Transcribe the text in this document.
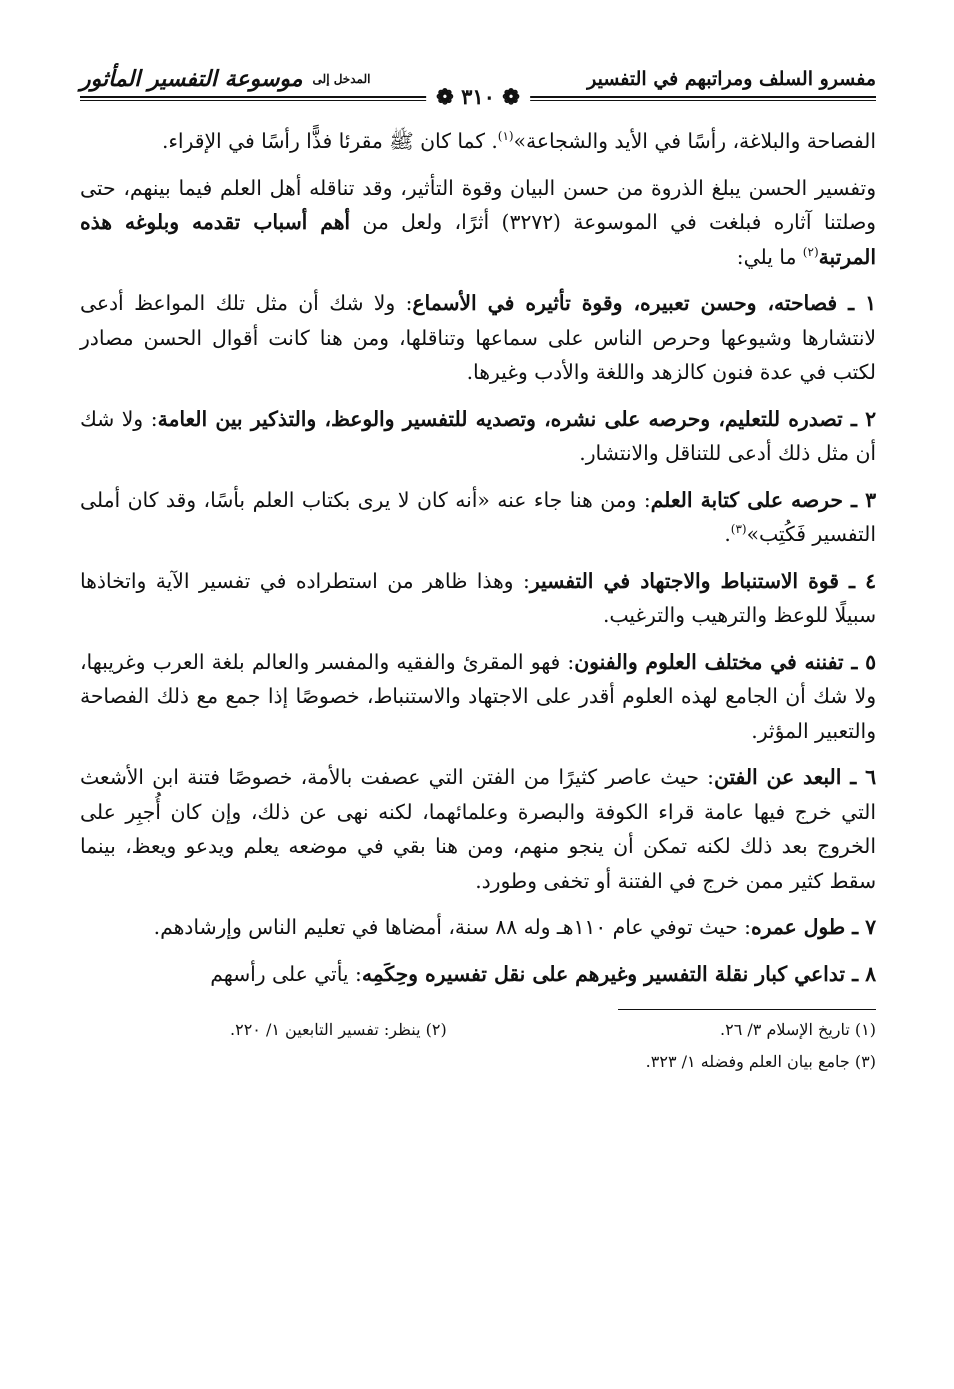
مفسرو السلف ومراتبهم في التفسير
المدخل إلى
موسوعة التفسير المأثور
❁ ٣١٠ ❁

الفصاحة والبلاغة، رأسًا في الأيد والشجاعة»$^{(١)}$. كما كان ﷺ مقرئا فذًّا رأسًا في الإقراء.

وتفسير الحسن يبلغ الذروة من حسن البيان وقوة التأثير، وقد تناقله أهل العلم فيما بينهم، حتى وصلتنا آثاره فبلغت في الموسوعة (٣٢٧٢) أثرًا، ولعل من أهم أسباب تقدمه وبلوغه هذه المرتبة$^{(٢)}$ ما يلي:

١ ـ فصاحته، وحسن تعبيره، وقوة تأثيره في الأسماع: ولا شك أن مثل تلك المواعظ أدعى لانتشارها وشيوعها وحرص الناس على سماعها وتناقلها، ومن هنا كانت أقوال الحسن مصادر لكتب في عدة فنون كالزهد واللغة والأدب وغيرها.

٢ ـ تصدره للتعليم، وحرصه على نشره، وتصديه للتفسير والوعظ، والتذكير بين العامة: ولا شك أن مثل ذلك أدعى للتناقل والانتشار.

٣ ـ حرصه على كتابة العلم: ومن هنا جاء عنه «أنه كان لا يرى بكتاب العلم بأسًا، وقد كان أملى التفسير فَكُتِب»$^{(٣)}$.

٤ ـ قوة الاستنباط والاجتهاد في التفسير: وهذا ظاهر من استطراده في تفسير الآية واتخاذها سبيلًا للوعظ والترهيب والترغيب.

٥ ـ تفننه في مختلف العلوم والفنون: فهو المقرئ والفقيه والمفسر والعالم بلغة العرب وغريبها، ولا شك أن الجامع لهذه العلوم أقدر على الاجتهاد والاستنباط، خصوصًا إذا جمع مع ذلك الفصاحة والتعبير المؤثر.

٦ ـ البعد عن الفتن: حيث عاصر كثيرًا من الفتن التي عصفت بالأمة، خصوصًا فتنة ابن الأشعث التي خرج فيها عامة قراء الكوفة والبصرة وعلمائهما، لكنه نهى عن ذلك، وإن كان أُجبِر على الخروج بعد ذلك لكنه تمكن أن ينجو منهم، ومن هنا بقي في موضعه يعلم ويدعو ويعظ، بينما سقط كثير ممن خرج في الفتنة أو تخفى وطورد.

٧ ـ طول عمره: حيث توفي عام ١١٠هـ وله ٨٨ سنة، أمضاها في تعليم الناس وإرشادهم.

٨ ـ تداعي كبار نقلة التفسير وغيرهم على نقل تفسيره وحِكَمِه: يأتي على رأسهم

(١) تاريخ الإسلام ٣/ ٢٦.
(٢) ينظر: تفسير التابعين ١/ ٢٢٠.
(٣) جامع بيان العلم وفضله ١/ ٣٢٣.
